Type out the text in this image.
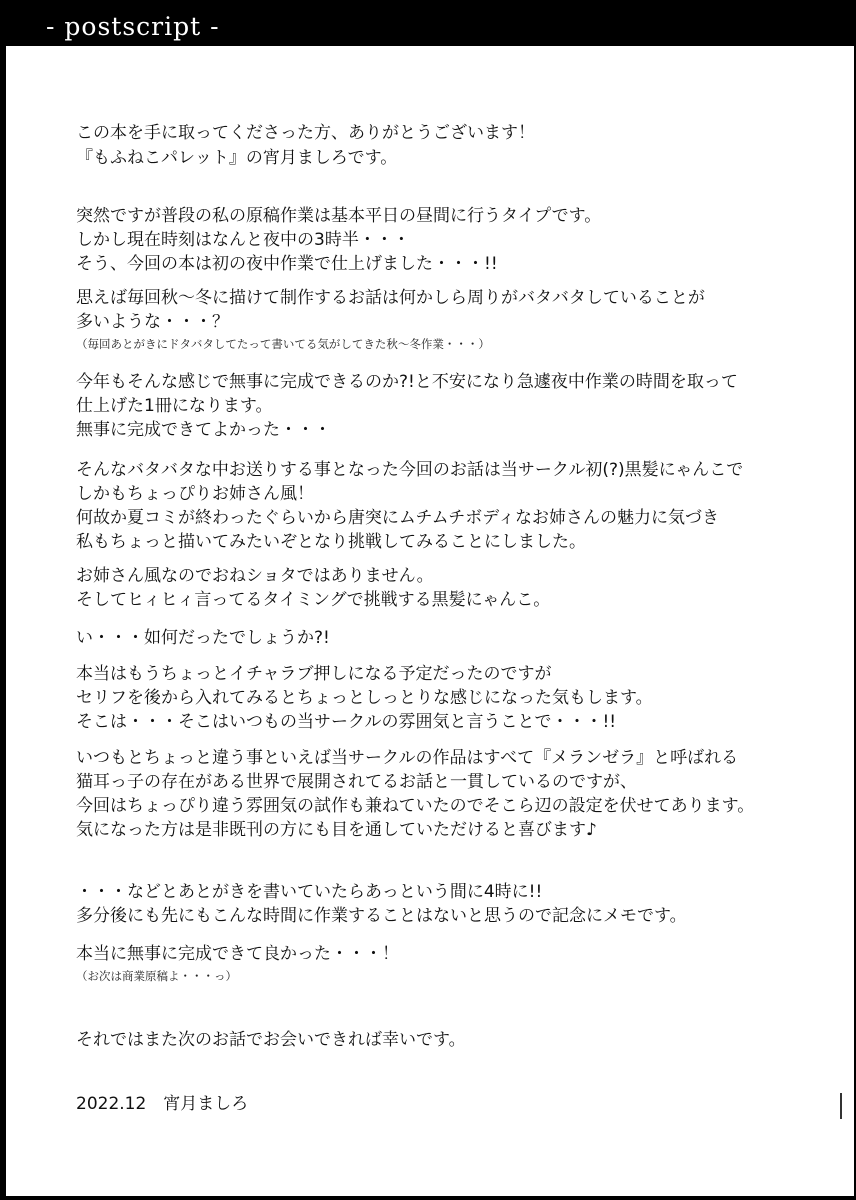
- postscript -
この本を手に取ってくださった方、ありがとうございます！
『もふねこパレット』の宵月ましろです。
突然ですが普段の私の原稿作業は基本平日の昼間に行うタイプです。
しかし現在時刻はなんと夜中の3時半・・・
そう、今回の本は初の夜中作業で仕上げました・・・!!
思えば毎回秋～冬に描けて制作するお話は何かしら周りがバタバタしていることが
多いような・・・？
（毎回あとがきにドタバタしてたって書いてる気がしてきた秋～冬作業・・・）
今年もそんな感じで無事に完成できるのか?!と不安になり急遽夜中作業の時間を取って
仕上げた1冊になります。
無事に完成できてよかった・・・
そんなバタバタな中お送りする事となった今回のお話は当サークル初(?)黒髪にゃんこで
しかもちょっぴりお姉さん風！
何故か夏コミが終わったぐらいから唐突にムチムチボディなお姉さんの魅力に気づき
私もちょっと描いてみたいぞとなり挑戦してみることにしました。
お姉さん風なのでおねショタではありません。
そしてヒィヒィ言ってるタイミングで挑戦する黒髪にゃんこ。
い・・・如何だったでしょうか?!
本当はもうちょっとイチャラブ押しになる予定だったのですが
セリフを後から入れてみるとちょっとしっとりな感じになった気もします。
そこは・・・そこはいつもの当サークルの雰囲気と言うことで・・・!!
いつもとちょっと違う事といえば当サークルの作品はすべて『メランゼラ』と呼ばれる
猫耳っ子の存在がある世界で展開されてるお話と一貫しているのですが、
今回はちょっぴり違う雰囲気の試作も兼ねていたのでそこら辺の設定を伏せてあります。
気になった方は是非既刊の方にも目を通していただけると喜びます♪
・・・などとあとがきを書いていたらあっという間に4時に!!
多分後にも先にもこんな時間に作業することはないと思うので記念にメモです。
本当に無事に完成できて良かった・・・！
（お次は商業原稿よ・・・っ）
それではまた次のお話でお会いできれば幸いです。
2022.12　宵月ましろ
